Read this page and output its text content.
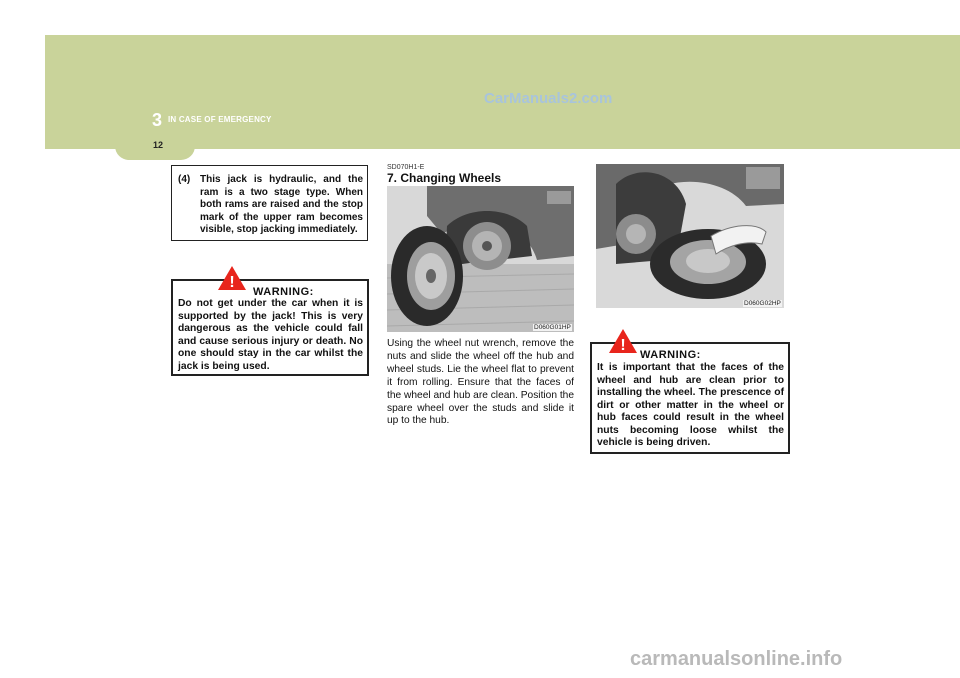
3 IN CASE OF EMERGENCY
CarManuals2.com
12
(4) This jack is hydraulic, and the ram is a two stage type. When both rams are raised and the stop mark of the upper ram becomes visible, stop jacking immediately.
!
WARNING:
Do not get under the car when it is supported by the jack! This is very dangerous as the vehicle could fall and cause serious injury or death. No one should stay in the car whilst the jack is being used.
SD070H1-E
7. Changing Wheels
D060G01HP
Using the wheel nut wrench, remove the nuts and slide the wheel off the hub and wheel studs. Lie the wheel flat to prevent it from rolling. Ensure that the faces of the wheel and hub are clean. Position the spare wheel over the studs and slide it up to the hub.
D060G02HP
!
WARNING:
It is important that the faces of the wheel and hub are clean prior to installing the wheel. The prescence of dirt or other matter in the wheel or hub faces could result in the wheel nuts becoming loose whilst the vehicle is being driven.
carmanualsonline.info
